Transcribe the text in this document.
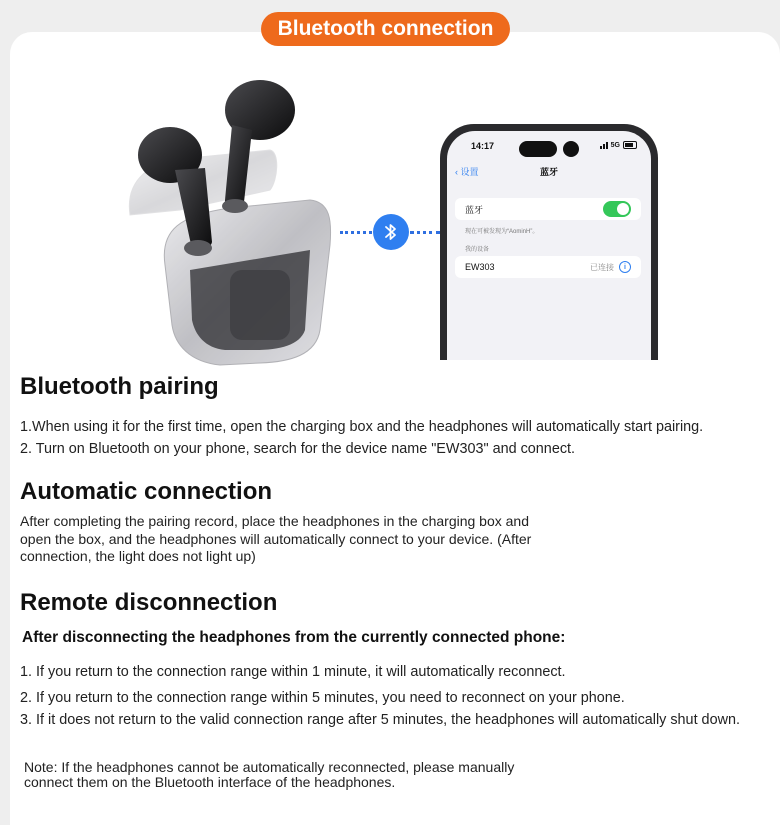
Bluetooth connection
14:17	5G
‹ 设置	蓝牙
蓝牙
现在可被发现为“AominH”。
我的设备
EW303	已连接	i
Bluetooth pairing
1.When using it for the first time, open the charging box and the headphones will automatically start pairing.
2. Turn on Bluetooth on your phone, search for the device name "EW303" and connect.
Automatic connection
After completing the pairing record, place the headphones in the charging box and open the box, and the headphones will automatically connect to your device. (After connection, the light does not light up)
Remote disconnection
After disconnecting the headphones from the currently connected phone:
1. If you return to the connection range within 1 minute, it will automatically reconnect.
2. If you return to the connection range within 5 minutes, you need to reconnect on your phone.
3. If it does not return to the valid connection range after 5 minutes, the headphones will automatically shut down.
Note: If the headphones cannot be automatically reconnected, please manually connect them on the Bluetooth interface of the headphones.
